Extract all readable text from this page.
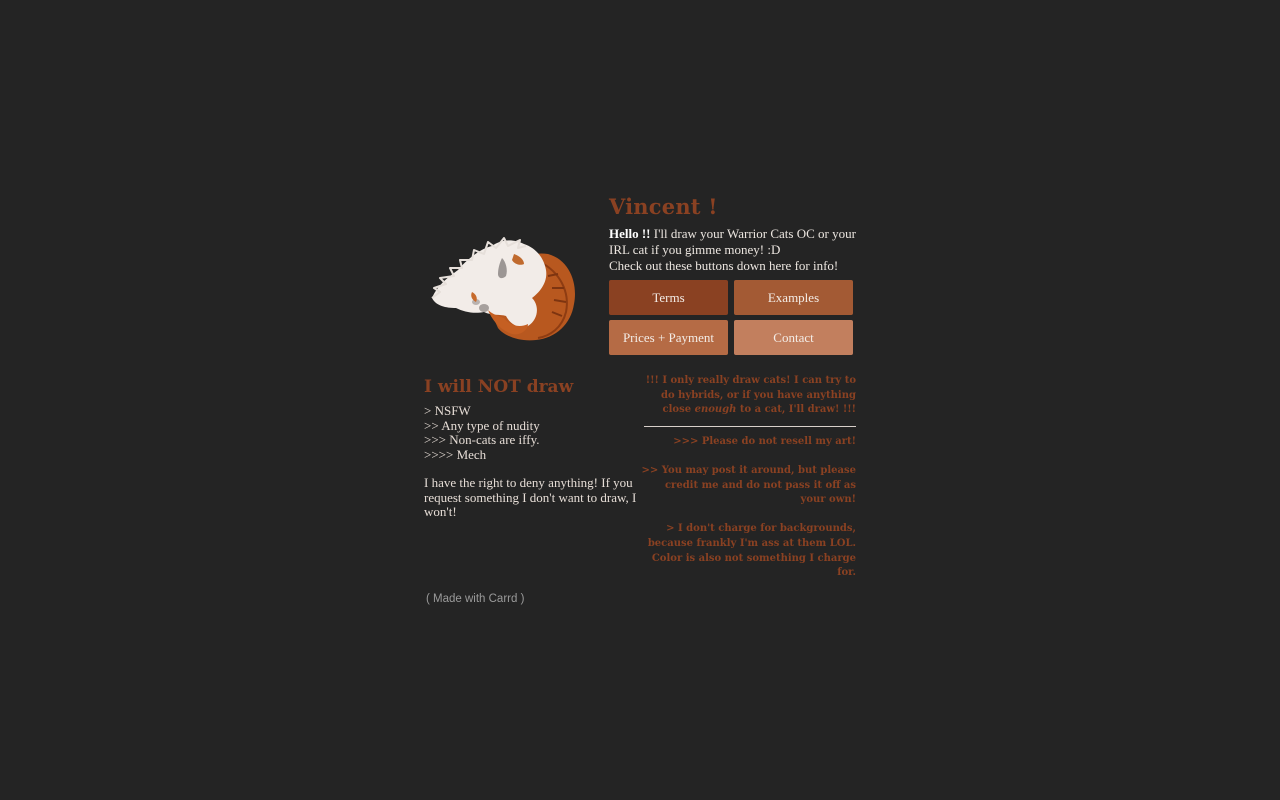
Vincent !
Hello !! I'll draw your Warrior Cats OC or your IRL cat if you gimme money! :D
Check out these buttons down here for info!
Terms	Examples
Prices + Payment	Contact
I will NOT draw
> NSFW
>> Any type of nudity
>>> Non-cats are iffy.
>>>> Mech

I have the right to deny anything! If you request something I don't want to draw, I won't!

!!! I only really draw cats! I can try to do hybrids, or if you have anything close enough to a cat, I'll draw! !!!

>>> Please do not resell my art!

>> You may post it around, but please credit me and do not pass it off as your own!

> I don't charge for backgrounds, because frankly I'm ass at them LOL. Color is also not something I charge for.

( Made with Carrd )
